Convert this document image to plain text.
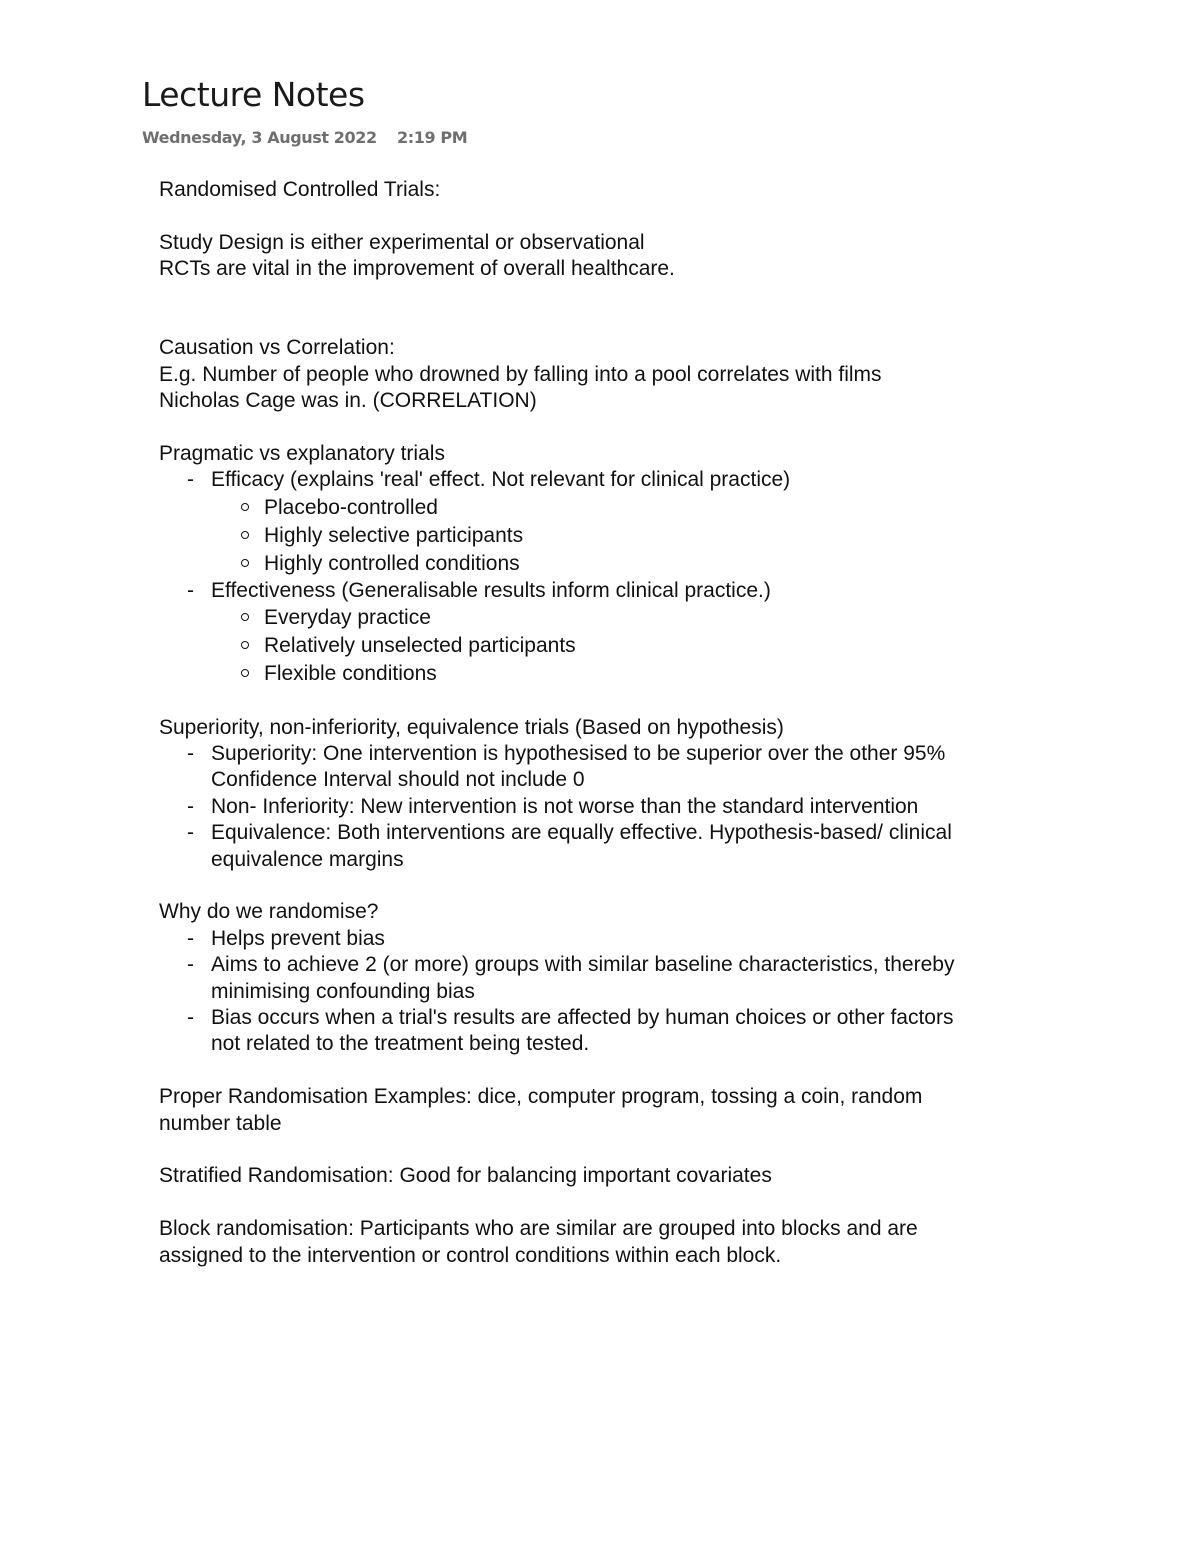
Lecture Notes
Wednesday, 3 August 2022 2:19 PM

Randomised Controlled Trials:

Study Design is either experimental or observational

RCTs are vital in the improvement of overall healthcare.

Causation vs Correlation:

E.g. Number of people who drowned by falling into a pool correlates with films

Nicholas Cage was in. (CORRELATION)

Pragmatic vs explanatory trials

- Efficacy (explains 'real' effect. Not relevant for clinical practice)
Placebo-controlled
Highly selective participants
Highly controlled conditions
- Effectiveness (Generalisable results inform clinical practice.)
Everyday practice
Relatively unselected participants
Flexible conditions

Superiority, non-inferiority, equivalence trials (Based on hypothesis)

- Superiority: One intervention is hypothesised to be superior over the other 95%
Confidence Interval should not include 0
- Non- Inferiority: New intervention is not worse than the standard intervention
- Equivalence: Both interventions are equally effective. Hypothesis-based/ clinical
equivalence margins

Why do we randomise?

- Helps prevent bias
- Aims to achieve 2 (or more) groups with similar baseline characteristics, thereby
minimising confounding bias
- Bias occurs when a trial's results are affected by human choices or other factors
not related to the treatment being tested.

Proper Randomisation Examples: dice, computer program, tossing a coin, random

number table

Stratified Randomisation: Good for balancing important covariates

Block randomisation: Participants who are similar are grouped into blocks and are

assigned to the intervention or control conditions within each block.
